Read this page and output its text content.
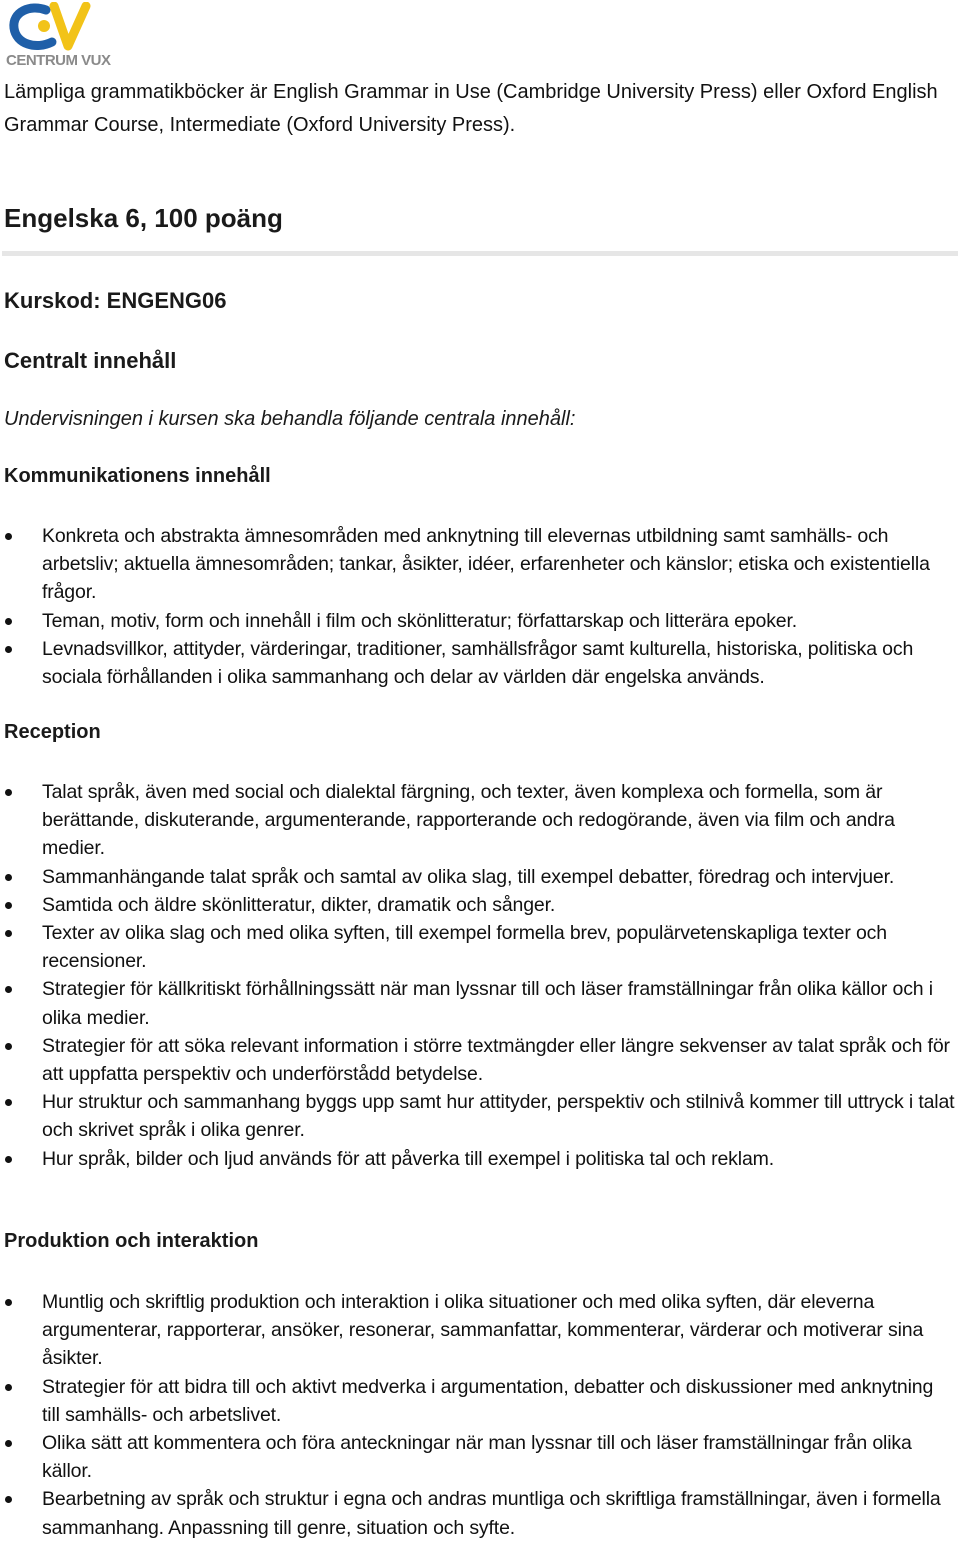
CENTRUM VUX
Lämpliga grammatikböcker är English Grammar in Use (Cambridge University Press) eller Oxford English Grammar Course, Intermediate (Oxford University Press).
Engelska 6, 100 poäng
Kurskod: ENGENG06
Centralt innehåll
Undervisningen i kursen ska behandla följande centrala innehåll:
Kommunikationens innehåll
Konkreta och abstrakta ämnesområden med anknytning till elevernas utbildning samt samhälls- och arbetsliv; aktuella ämnesområden; tankar, åsikter, idéer, erfarenheter och känslor; etiska och existentiella frågor.
Teman, motiv, form och innehåll i film och skönlitteratur; författarskap och litterära epoker.
Levnadsvillkor, attityder, värderingar, traditioner, samhällsfrågor samt kulturella, historiska, politiska och sociala förhållanden i olika sammanhang och delar av världen där engelska används.
Reception
Talat språk, även med social och dialektal färgning, och texter, även komplexa och formella, som är berättande, diskuterande, argumenterande, rapporterande och redogörande, även via film och andra medier.
Sammanhängande talat språk och samtal av olika slag, till exempel debatter, föredrag och intervjuer.
Samtida och äldre skönlitteratur, dikter, dramatik och sånger.
Texter av olika slag och med olika syften, till exempel formella brev, populärvetenskapliga texter och recensioner.
Strategier för källkritiskt förhållningssätt när man lyssnar till och läser framställningar från olika källor och i olika medier.
Strategier för att söka relevant information i större textmängder eller längre sekvenser av talat språk och för att uppfatta perspektiv och underförstådd betydelse.
Hur struktur och sammanhang byggs upp samt hur attityder, perspektiv och stilnivå kommer till uttryck i talat och skrivet språk i olika genrer.
Hur språk, bilder och ljud används för att påverka till exempel i politiska tal och reklam.
Produktion och interaktion
Muntlig och skriftlig produktion och interaktion i olika situationer och med olika syften, där eleverna argumenterar, rapporterar, ansöker, resonerar, sammanfattar, kommenterar, värderar och motiverar sina åsikter.
Strategier för att bidra till och aktivt medverka i argumentation, debatter och diskussioner med anknytning till samhälls- och arbetslivet.
Olika sätt att kommentera och föra anteckningar när man lyssnar till och läser framställningar från olika källor.
Bearbetning av språk och struktur i egna och andras muntliga och skriftliga framställningar, även i formella sammanhang. Anpassning till genre, situation och syfte.
